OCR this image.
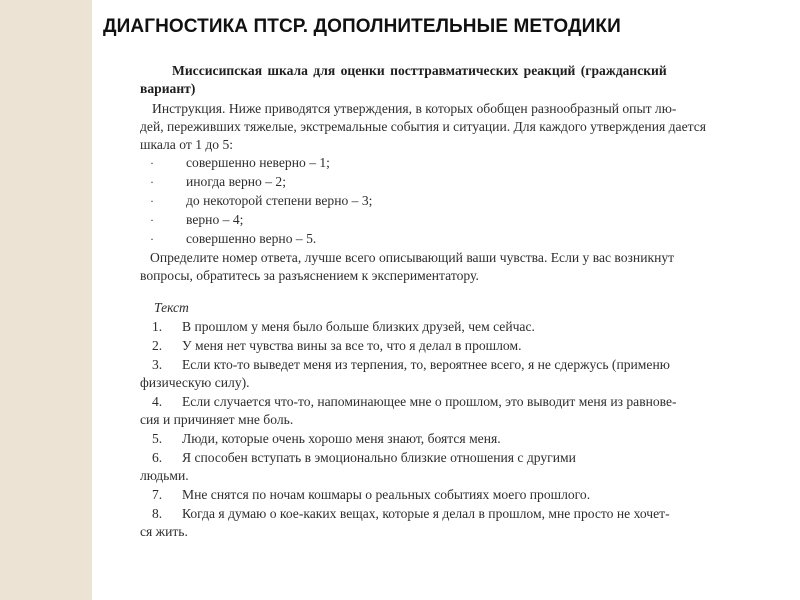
ДИАГНОСТИКА ПТСР. ДОПОЛНИТЕЛЬНЫЕ МЕТОДИКИ

Миссисипская шкала для оценки посттравматических реакций (гражданский
вариант)

Инструкция. Ниже приводятся утверждения, в которых обобщен разнообразный опыт лю-
дей, переживших тяжелые, экстремальные события и ситуации. Для каждого утверждения дается
шкала от 1 до 5:

· совершенно неверно – 1;
· иногда верно – 2;
· до некоторой степени верно – 3;
· верно – 4;
· совершенно верно – 5.

Определите номер ответа, лучше всего описывающий ваши чувства. Если у вас возникнут
вопросы, обратитесь за разъяснением к экспериментатору.

Текст

1. В прошлом у меня было больше близких друзей, чем сейчас.
2. У меня нет чувства вины за все то, что я делал в прошлом.
3. Если кто-то выведет меня из терпения, то, вероятнее всего, я не сдержусь (применю
физическую силу).
4. Если случается что-то, напоминающее мне о прошлом, это выводит меня из равнове-
сия и причиняет мне боль.
5. Люди, которые очень хорошо меня знают, боятся меня.
6. Я способен вступать в эмоционально близкие отношения с другими
людьми.
7. Мне снятся по ночам кошмары о реальных событиях моего прошлого.
8. Когда я думаю о кое-каких вещах, которые я делал в прошлом, мне просто не хочет-
ся жить.
